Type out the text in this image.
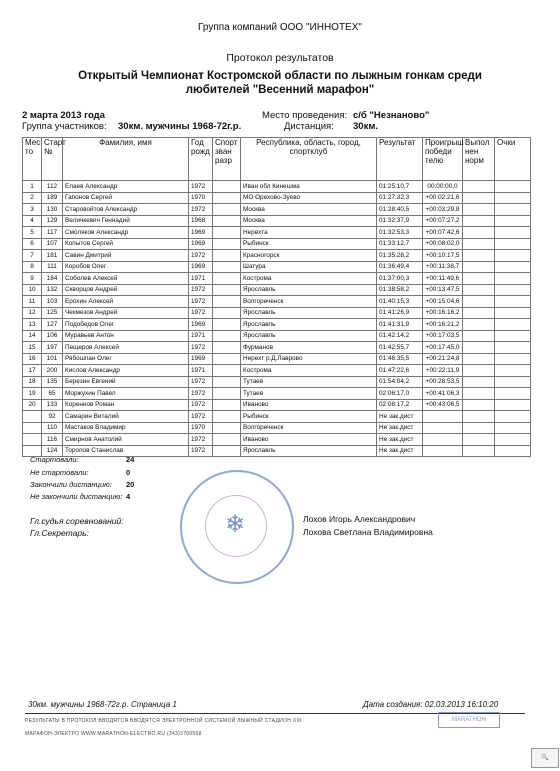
Группа компаний ООО "ИННОТЕХ"
Протокол результатов
Открытый Чемпионат Костромской области по лыжным гонкам среди
любителей "Весенний марафон"
2 марта 2013 года
Группа участников: 30км. мужчины 1968-72г.р.
Место проведения: с/б "Незнаново"
Дистанция: 30км.
Мес то	Старт №	Фамилия, имя	Год рожд	Спорт зван разр	Республика, область, город, спортклуб	Результат	Проигрыш победи телю	Выпол нен норм	Очки
1	112	Елаев Александр	1972		Иван обл Кинешма	01:25:10,7	00:00:00,0		
2	189	Гапонов Сергей	1970		МО Орехово-Зуево	01:27:32,3	+00:02:21,6		
3	130	Старовойтов Александр	1972		Москва	01:28:40,5	+00:03:29,8		
4	129	Величкевич Геннадий	1968		Москва	01:32:37,9	+00:07:27,2		
5	117	Смоляков Александр	1969		Нерехта	01:32:53,3	+00:07:42,6		
6	107	Копытов Сергей	1969		Рыбинск	01:33:12,7	+00:08:02,0		
7	181	Савин Дмитрий	1972		Красногорск	01:35:28,2	+00:10:17,5		
8	111	Коробов Олег	1969		Шатура	01:36:49,4	+00:11:38,7		
9	184	Соболев Алексей	1971		Кострома	01:37:00,3	+00:11:49,6		
10	132	Скворцов Андрей	1972		Ярославль	01:38:58,2	+00:13:47,5		
11	103	Ерохин Алексей	1972		Волгореченск	01:40:15,3	+00:15:04,6		
12	125	Чекмезов Андрей	1972		Ярославль	01:41:26,9	+00:16:16,2		
13	127	Подобедов Олег	1969		Ярославль	01:41:31,9	+00:16:21,2		
14	106	Муравьев Антон	1971		Ярославль	01:42:14,2	+00:17:03,5		
15	197	Пещеров Алексей	1972		Фурманов	01:42:55,7	+00:17:45,0		
16	101	Рябошпан Олег	1969		Нерехт р.Д.Лаврово	01:46:35,5	+00:21:24,8		
17	200	Кислов Александр	1971		Кострома	01:47:22,6	+00:22:11,9		
18	135	Березин Евгений	1972		Тутаев	01:54:04,2	+00:28:53,5		
19	65	Моржухин Павел	1972		Тутаев	02:06:17,0	+00:41:06,3		
20	133	Кореннов Роман	1972		Иваново	02:08:17,2	+00:43:06,5		
	92	Самарин Виталий	1972		Рыбинск	Не зак.дист			
	110	Мастаков Владимир	1970		Волгореченск	Не зак.дист			
	116	Смирнов Анатолий	1972		Иваново	Не зак.дист			
	124	Торопов Станислав	1972		Ярославль	Не зак.дист			
Стартовали:	24
Не стартовали:	0
Закончили дистанцию: 20
Не закончили дистанцию: 4
❄
Гл.судья соревнований:
Гл.Секретарь:
Лохов Игорь Александрович
Лохова Светлана Владимировна
30км. мужчины 1968-72г.р. Страница 1	Дата создания: 02.03.2013 16:10:20
РЕЗУЛЬТАТЫ В ПРОТОКОЛ ВВОДЯТСЯ ВВОДЯТСЯ ЭЛЕКТРОННОЙ СИСТЕМОЙ ЛЫЖНЫЙ СТАДИОН XXI
МАРАФОН-ЭЛЕКТРО WWW.MARATHON-ELECTRO.RU (343)3700568
MARATHON
🔍
